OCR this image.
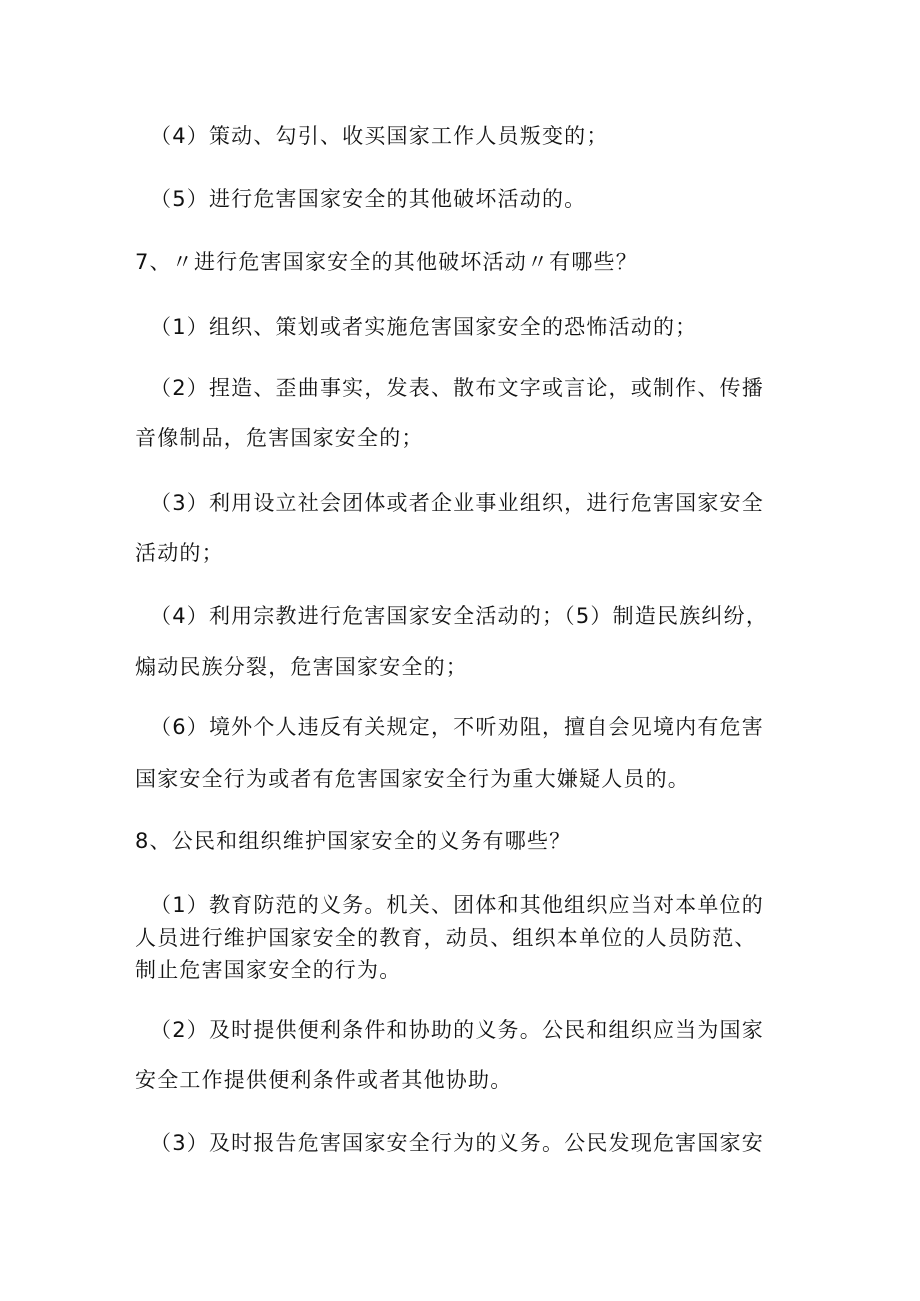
（4）策动、勾引、收买国家工作人员叛变的；
（5）进行危害国家安全的其他破坏活动的。
7、〃进行危害国家安全的其他破坏活动〃有哪些？
（1）组织、策划或者实施危害国家安全的恐怖活动的；
（2）捏造、歪曲事实，发表、散布文字或言论，或制作、传播
音像制品，危害国家安全的；
（3）利用设立社会团体或者企业事业组织，进行危害国家安全
活动的；
（4）利用宗教进行危害国家安全活动的；（5）制造民族纠纷，
煽动民族分裂，危害国家安全的；
（6）境外个人违反有关规定，不听劝阻，擅自会见境内有危害
国家安全行为或者有危害国家安全行为重大嫌疑人员的。
8、公民和组织维护国家安全的义务有哪些？
（1）教育防范的义务。机关、团体和其他组织应当对本单位的
人员进行维护国家安全的教育，动员、组织本单位的人员防范、
制止危害国家安全的行为。
（2）及时提供便利条件和协助的义务。公民和组织应当为国家
安全工作提供便利条件或者其他协助。
（3）及时报告危害国家安全行为的义务。公民发现危害国家安
